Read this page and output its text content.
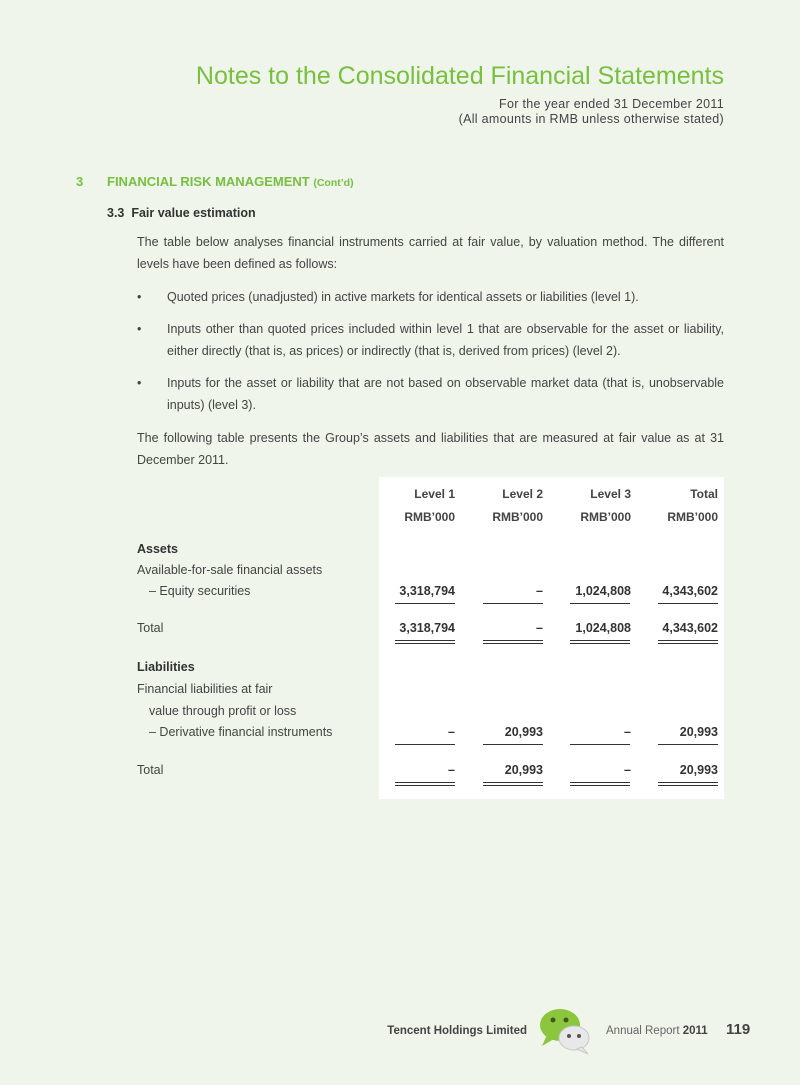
Notes to the Consolidated Financial Statements
For the year ended 31 December 2011
(All amounts in RMB unless otherwise stated)
3 FINANCIAL RISK MANAGEMENT (Cont’d)
3.3  Fair value estimation
The table below analyses financial instruments carried at fair value, by valuation method. The different levels have been defined as follows:
• Quoted prices (unadjusted) in active markets for identical assets or liabilities (level 1).
• Inputs other than quoted prices included within level 1 that are observable for the asset or liability, either directly (that is, as prices) or indirectly (that is, derived from prices) (level 2).
• Inputs for the asset or liability that are not based on observable market data (that is, unobservable inputs) (level 3).
The following table presents the Group’s assets and liabilities that are measured at fair value as at 31 December 2011.
Level 1	Level 2	Level 3	Total
RMB’000	RMB’000	RMB’000	RMB’000
Assets
Available-for-sale financial assets
– Equity securities	3,318,794	–	1,024,808	4,343,602
Total	3,318,794	–	1,024,808	4,343,602
Liabilities
Financial liabilities at fair
value through profit or loss
– Derivative financial instruments	–	20,993	–	20,993
Total	–	20,993	–	20,993
Tencent Holdings Limited	Annual Report 2011 119
